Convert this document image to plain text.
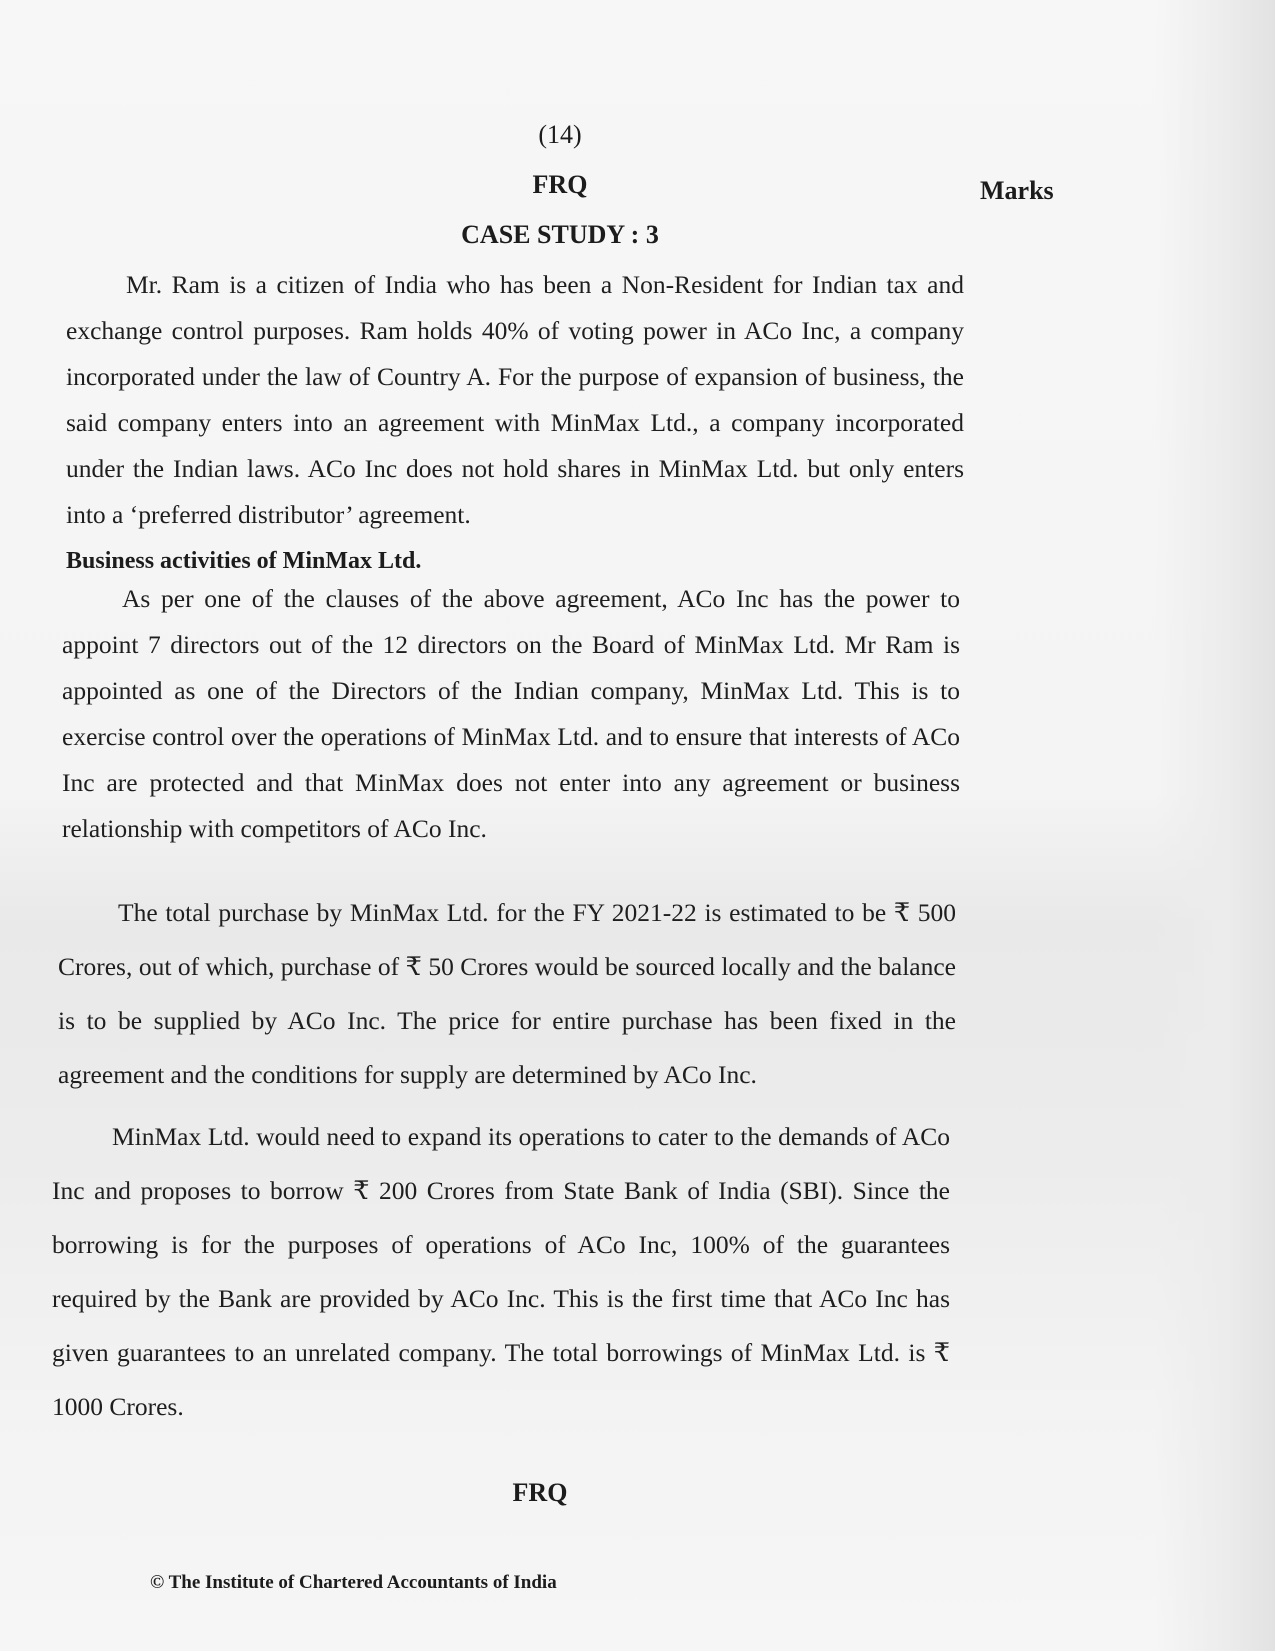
(14)
FRQ	Marks
CASE STUDY : 3
Mr. Ram is a citizen of India who has been a Non-Resident for Indian tax and exchange control purposes. Ram holds 40% of voting power in ACo Inc, a company incorporated under the law of Country A. For the purpose of expansion of business, the said company enters into an agreement with MinMax Ltd., a company incorporated under the Indian laws. ACo Inc does not hold shares in MinMax Ltd. but only enters into a ‘preferred distributor’ agreement.
Business activities of MinMax Ltd.
As per one of the clauses of the above agreement, ACo Inc has the power to appoint 7 directors out of the 12 directors on the Board of MinMax Ltd. Mr Ram is appointed as one of the Directors of the Indian company, MinMax Ltd. This is to exercise control over the operations of MinMax Ltd. and to ensure that interests of ACo Inc are protected and that MinMax does not enter into any agreement or business relationship with competitors of ACo Inc.
The total purchase by MinMax Ltd. for the FY 2021-22 is estimated to be ₹ 500 Crores, out of which, purchase of ₹ 50 Crores would be sourced locally and the balance is to be supplied by ACo Inc. The price for entire purchase has been fixed in the agreement and the conditions for supply are determined by ACo Inc.
MinMax Ltd. would need to expand its operations to cater to the demands of ACo Inc and proposes to borrow ₹ 200 Crores from State Bank of India (SBI). Since the borrowing is for the purposes of operations of ACo Inc, 100% of the guarantees required by the Bank are provided by ACo Inc. This is the first time that ACo Inc has given guarantees to an unrelated company. The total borrowings of MinMax Ltd. is ₹ 1000 Crores.
FRQ
© The Institute of Chartered Accountants of India
